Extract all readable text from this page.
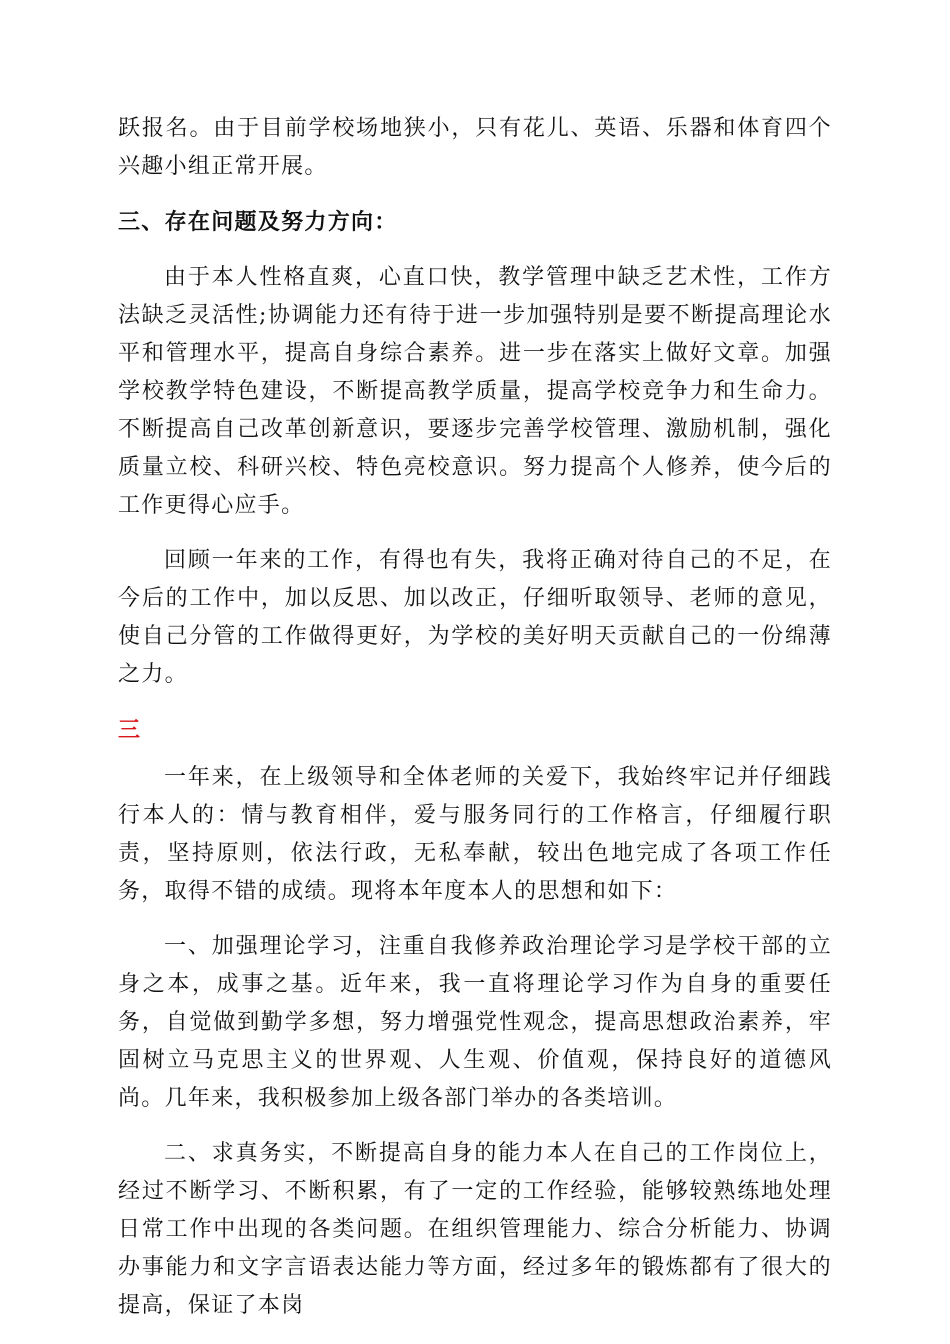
跃报名。由于目前学校场地狭小，只有花儿、英语、乐器和体育四个兴趣小组正常开展。

三、存在问题及努力方向：

由于本人性格直爽，心直口快，教学管理中缺乏艺术性，工作方法缺乏灵活性;协调能力还有待于进一步加强特别是要不断提高理论水平和管理水平，提高自身综合素养。进一步在落实上做好文章。加强学校教学特色建设，不断提高教学质量，提高学校竞争力和生命力。不断提高自己改革创新意识，要逐步完善学校管理、激励机制，强化质量立校、科研兴校、特色亮校意识。努力提高个人修养，使今后的工作更得心应手。

回顾一年来的工作，有得也有失，我将正确对待自己的不足，在今后的工作中，加以反思、加以改正，仔细听取领导、老师的意见，使自己分管的工作做得更好，为学校的美好明天贡献自己的一份绵薄之力。

三

一年来，在上级领导和全体老师的关爱下，我始终牢记并仔细践行本人的：情与教育相伴，爱与服务同行的工作格言，仔细履行职责，坚持原则，依法行政，无私奉献，较出色地完成了各项工作任务，取得不错的成绩。现将本年度本人的思想和如下：

一、加强理论学习，注重自我修养政治理论学习是学校干部的立身之本，成事之基。近年来，我一直将理论学习作为自身的重要任务，自觉做到勤学多想，努力增强党性观念，提高思想政治素养，牢固树立马克思主义的世界观、人生观、价值观，保持良好的道德风尚。几年来，我积极参加上级各部门举办的各类培训。

二、求真务实，不断提高自身的能力本人在自己的工作岗位上，经过不断学习、不断积累，有了一定的工作经验，能够较熟练地处理日常工作中出现的各类问题。在组织管理能力、综合分析能力、协调办事能力和文字言语表达能力等方面，经过多年的锻炼都有了很大的提高，保证了本岗
